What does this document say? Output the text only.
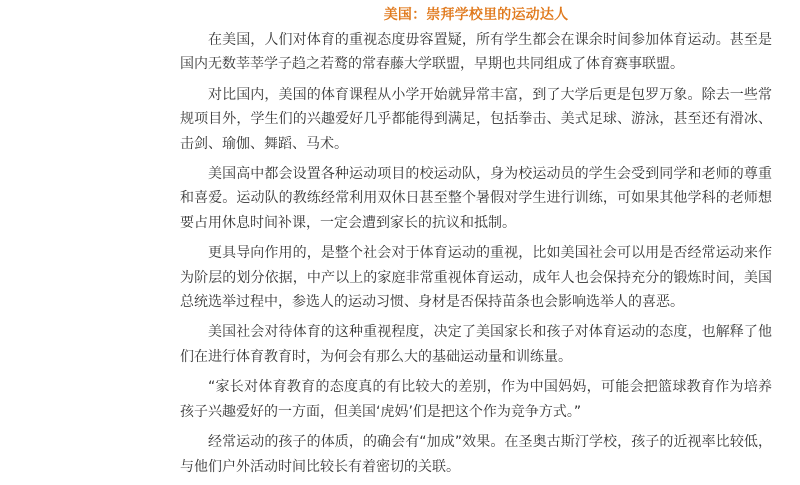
美国：崇拜学校里的运动达人

在美国，人们对体育的重视态度毋容置疑，所有学生都会在课余时间参加体育运动。甚至是国内无数莘莘学子趋之若鹜的常春藤大学联盟，早期也共同组成了体育赛事联盟。

对比国内，美国的体育课程从小学开始就异常丰富，到了大学后更是包罗万象。除去一些常规项目外，学生们的兴趣爱好几乎都能得到满足，包括拳击、美式足球、游泳，甚至还有滑冰、击剑、瑜伽、舞蹈、马术。

美国高中都会设置各种运动项目的校运动队，身为校运动员的学生会受到同学和老师的尊重和喜爱。运动队的教练经常利用双休日甚至整个暑假对学生进行训练，可如果其他学科的老师想要占用休息时间补课，一定会遭到家长的抗议和抵制。

更具导向作用的，是整个社会对于体育运动的重视，比如美国社会可以用是否经常运动来作为阶层的划分依据，中产以上的家庭非常重视体育运动，成年人也会保持充分的锻炼时间，美国总统选举过程中，参选人的运动习惯、身材是否保持苗条也会影响选举人的喜恶。

美国社会对待体育的这种重视程度，决定了美国家长和孩子对体育运动的态度，也解释了他们在进行体育教育时，为何会有那么大的基础运动量和训练量。

“家长对体育教育的态度真的有比较大的差别，作为中国妈妈，可能会把篮球教育作为培养孩子兴趣爱好的一方面，但美国‘虎妈’们是把这个作为竞争方式。”

经常运动的孩子的体质，的确会有“加成”效果。在圣奥古斯汀学校，孩子的近视率比较低，与他们户外活动时间比较长有着密切的关联。
